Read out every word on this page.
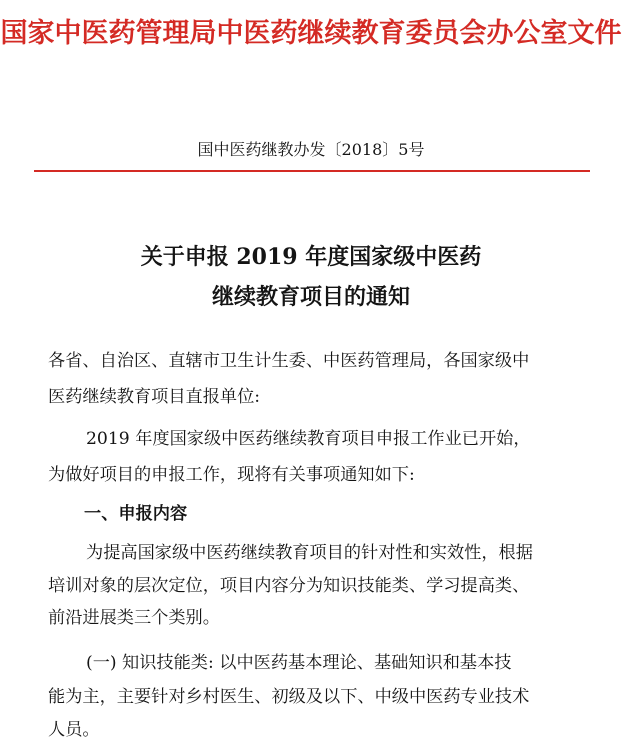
国家中医药管理局中医药继续教育委员会办公室文件
国中医药继教办发〔2018〕5号
关于申报 2019 年度国家级中医药
继续教育项目的通知
各省、自治区、直辖市卫生计生委、中医药管理局，各国家级中
医药继续教育项目直报单位:
2019 年度国家级中医药继续教育项目申报工作业已开始，
为做好项目的申报工作，现将有关事项通知如下:
一、申报内容
为提高国家级中医药继续教育项目的针对性和实效性，根据
培训对象的层次定位，项目内容分为知识技能类、学习提高类、
前沿进展类三个类别。
(一) 知识技能类: 以中医药基本理论、基础知识和基本技
能为主，主要针对乡村医生、初级及以下、中级中医药专业技术
人员。
